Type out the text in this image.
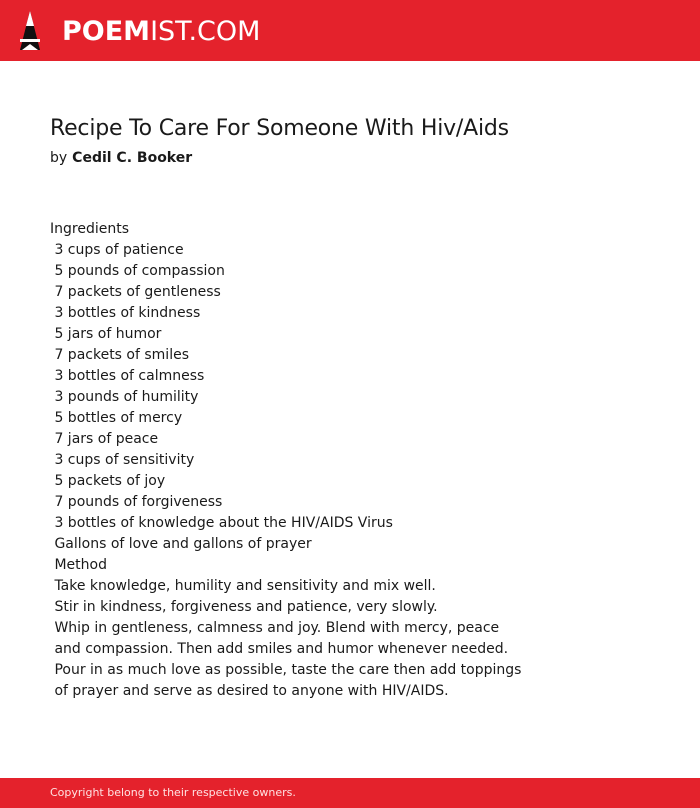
POEMIST.COM
Recipe To Care For Someone With Hiv/Aids
by Cedil C. Booker
Ingredients
3 cups of patience
5 pounds of compassion
7 packets of gentleness
3 bottles of kindness
5 jars of humor
7 packets of smiles
3 bottles of calmness
3 pounds of humility
5 bottles of mercy
7 jars of peace
3 cups of sensitivity
5 packets of joy
7 pounds of forgiveness
3 bottles of knowledge about the HIV/AIDS Virus
Gallons of love and gallons of prayer
Method
Take knowledge, humility and sensitivity and mix well.
Stir in kindness, forgiveness and patience, very slowly.
Whip in gentleness, calmness and joy. Blend with mercy, peace
and compassion. Then add smiles and humor whenever needed.
Pour in as much love as possible, taste the care then add toppings
of prayer and serve as desired to anyone with HIV/AIDS.
Copyright belong to their respective owners.
